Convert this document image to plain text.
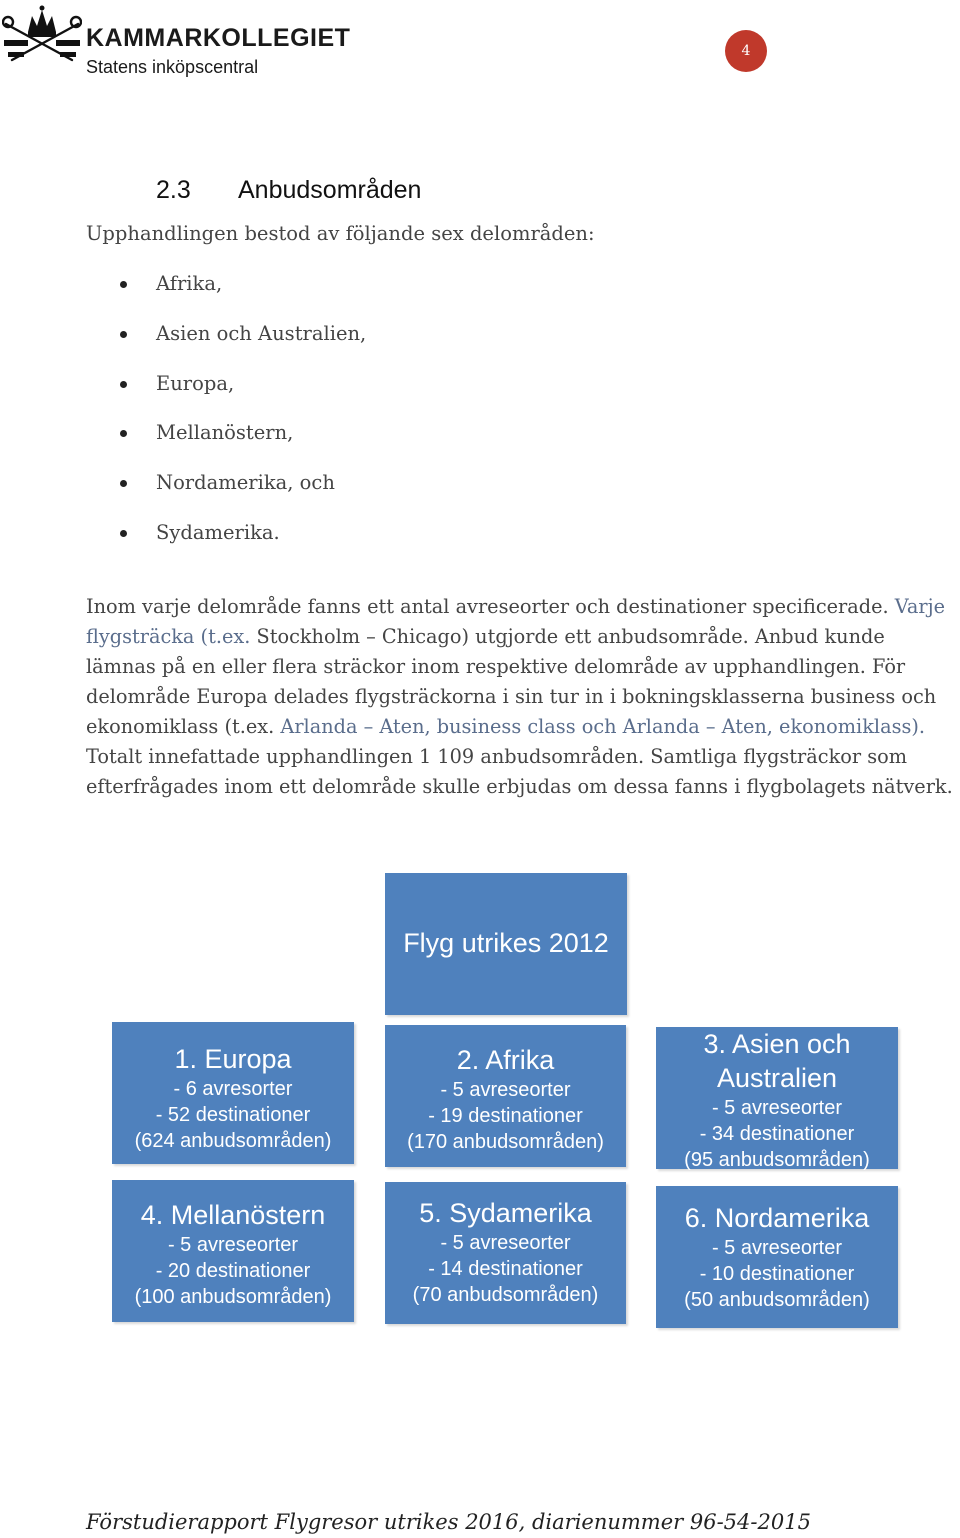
KAMMARKOLLEGIET
Statens inköpscentral
4
2.3 Anbudsområden
Upphandlingen bestod av följande sex delområden:
Afrika,
Asien och Australien,
Europa,
Mellanöstern,
Nordamerika, och
Sydamerika.

Inom varje delområde fanns ett antal avreseorter och destinationer specificerade. Varje
flygsträcka (t.ex. Stockholm – Chicago) utgjorde ett anbudsområde. Anbud kunde
lämnas på en eller flera sträckor inom respektive delområde av upphandlingen. För
delområde Europa delades flygsträckorna i sin tur in i bokningsklasserna business och
ekonomiklass (t.ex. Arlanda – Aten, business class och Arlanda – Aten, ekonomiklass).
Totalt innefattade upphandlingen 1 109 anbudsområden. Samtliga flygsträckor som
efterfrågades inom ett delområde skulle erbjudas om dessa fanns i flygbolagets nätverk.

Flyg utrikes 2012
1. Europa
- 6 avresorter
- 52 destinationer
(624 anbudsområden)
2. Afrika
- 5 avreseorter
- 19 destinationer
(170 anbudsområden)
3. Asien och
Australien
- 5 avreseorter
- 34 destinationer
(95 anbudsområden)
4. Mellanöstern
- 5 avreseorter
- 20 destinationer
(100 anbudsområden)
5. Sydamerika
- 5 avreseorter
- 14 destinationer
(70 anbudsområden)
6. Nordamerika
- 5 avreseorter
- 10 destinationer
(50 anbudsområden)
Förstudierapport Flygresor utrikes 2016, diarienummer 96-54-2015
